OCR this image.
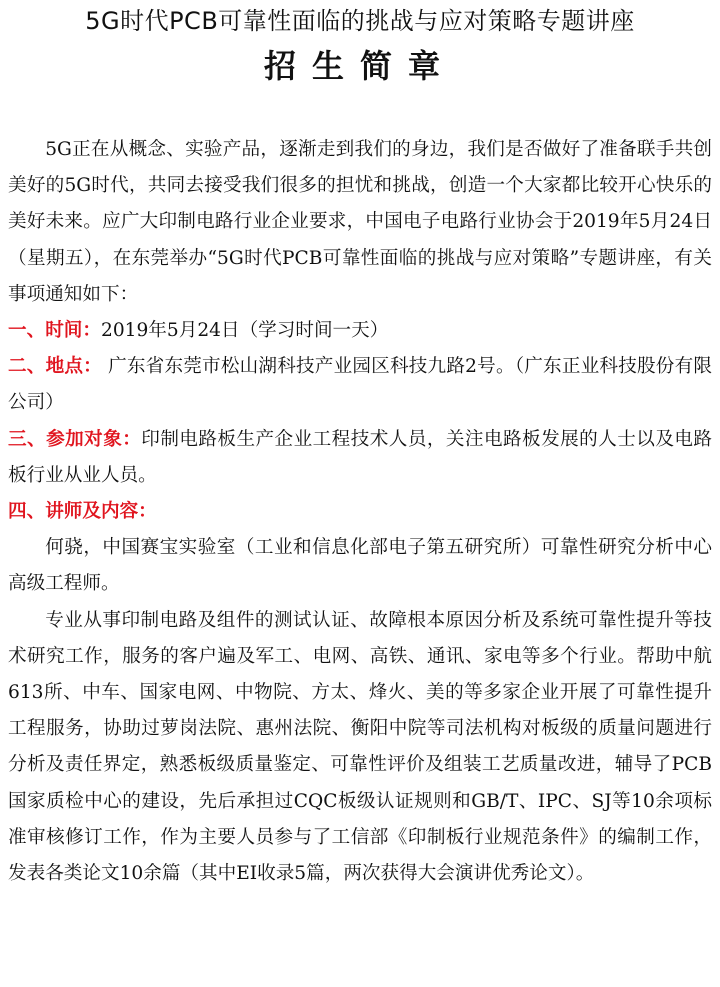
5G时代PCB可靠性面临的挑战与应对策略专题讲座
招生简章

5G正在从概念、实验产品，逐渐走到我们的身边，我们是否做好了准备联手共创美好的5G时代，共同去接受我们很多的担忧和挑战，创造一个大家都比较开心快乐的美好未来。应广大印制电路行业企业要求，中国电子电路行业协会于2019年5月24日（星期五），在东莞举办“5G时代PCB可靠性面临的挑战与应对策略”专题讲座，有关事项通知如下：

一、时间：2019年5月24日（学习时间一天）

二、地点： 广东省东莞市松山湖科技产业园区科技九路2号。（广东正业科技股份有限公司）

三、参加对象：印制电路板生产企业工程技术人员，关注电路板发展的人士以及电路板行业从业人员。

四、讲师及内容：

何骁，中国赛宝实验室（工业和信息化部电子第五研究所）可靠性研究分析中心高级工程师。

专业从事印制电路及组件的测试认证、故障根本原因分析及系统可靠性提升等技术研究工作，服务的客户遍及军工、电网、高铁、通讯、家电等多个行业。帮助中航613所、中车、国家电网、中物院、方太、烽火、美的等多家企业开展了可靠性提升工程服务，协助过萝岗法院、惠州法院、衡阳中院等司法机构对板级的质量问题进行分析及责任界定，熟悉板级质量鉴定、可靠性评价及组装工艺质量改进，辅导了PCB国家质检中心的建设，先后承担过CQC板级认证规则和GB/T、IPC、SJ等10余项标准审核修订工作，作为主要人员参与了工信部《印制板行业规范条件》的编制工作，发表各类论文10余篇（其中EI收录5篇，两次获得大会演讲优秀论文）。
